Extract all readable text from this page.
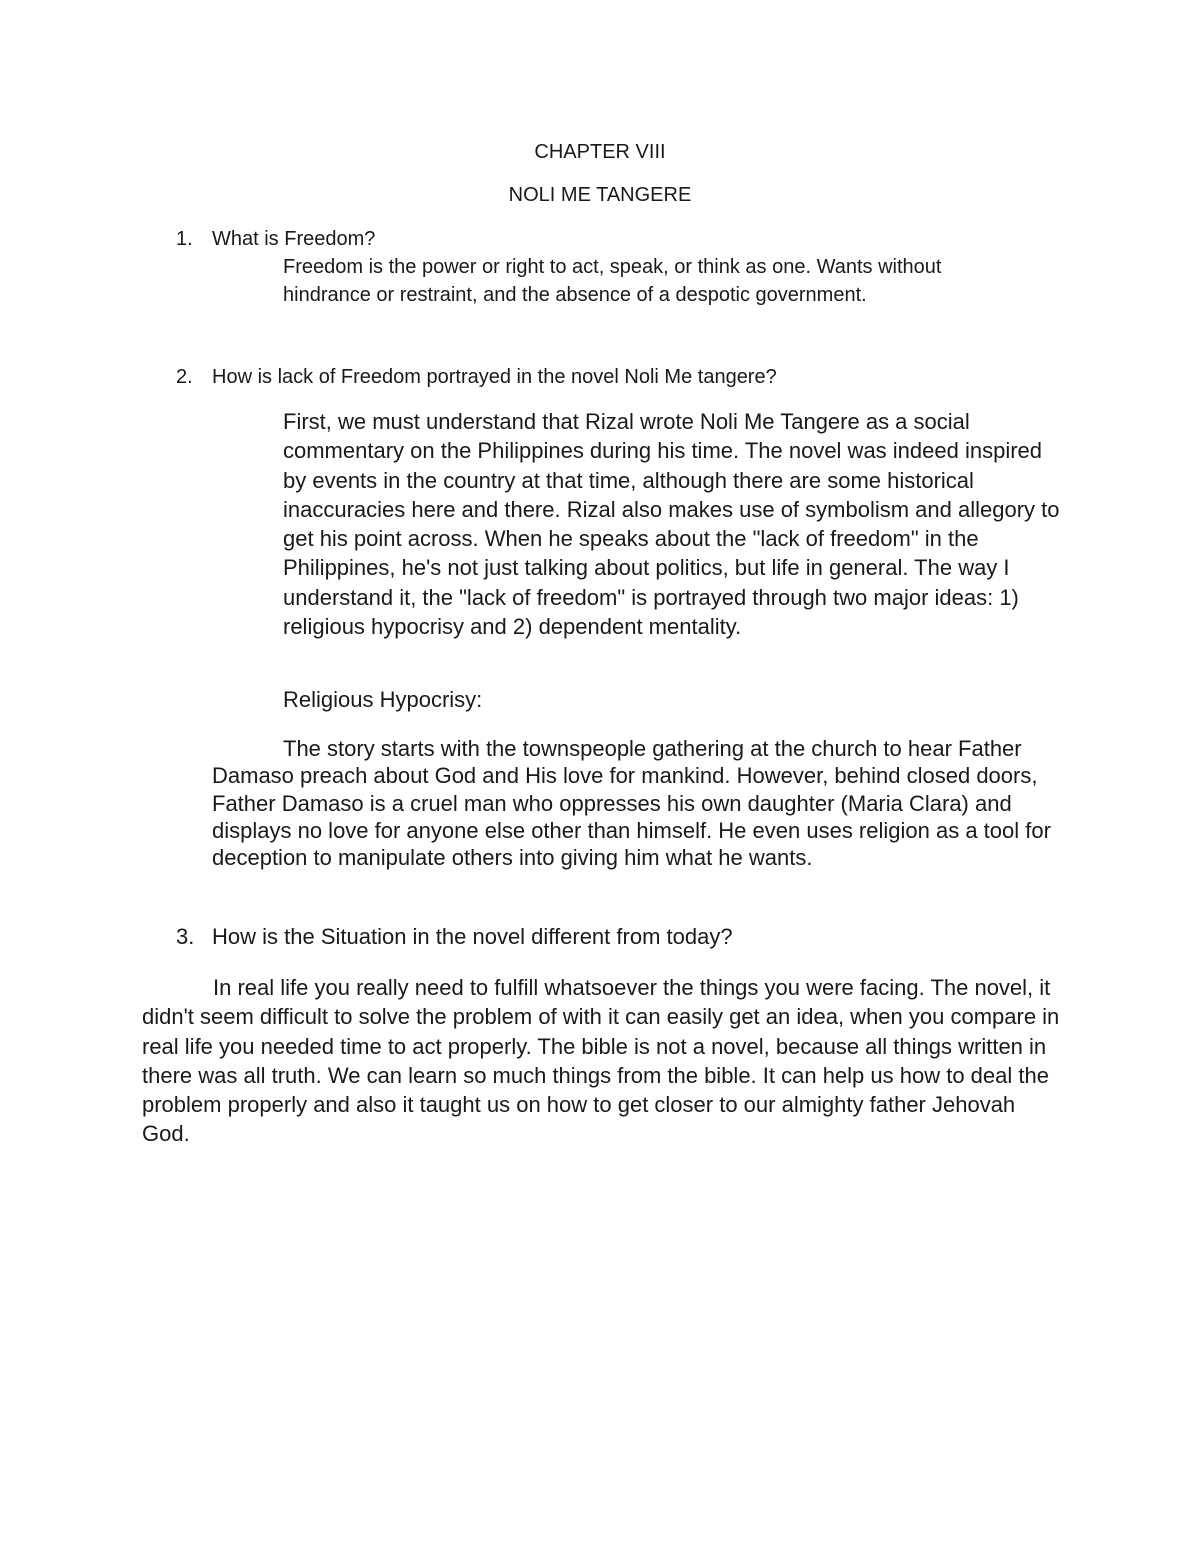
CHAPTER VIII
NOLI ME TANGERE
1. What is Freedom?

Freedom is the power or right to act, speak, or think as one. Wants without hindrance or restraint, and the absence of a despotic government.

2. How is lack of Freedom portrayed in the novel Noli Me tangere?

First, we must understand that Rizal wrote Noli Me Tangere as a social commentary on the Philippines during his time. The novel was indeed inspired by events in the country at that time, although there are some historical inaccuracies here and there. Rizal also makes use of symbolism and allegory to get his point across. When he speaks about the "lack of freedom" in the Philippines, he's not just talking about politics, but life in general. The way I understand it, the "lack of freedom" is portrayed through two major ideas: 1) religious hypocrisy and 2) dependent mentality.

Religious Hypocrisy:

The story starts with the townspeople gathering at the church to hear Father Damaso preach about God and His love for mankind. However, behind closed doors, Father Damaso is a cruel man who oppresses his own daughter (Maria Clara) and displays no love for anyone else other than himself. He even uses religion as a tool for deception to manipulate others into giving him what he wants.

3. How is the Situation in the novel different from today?

In real life you really need to fulfill whatsoever the things you were facing. The novel, it didn't seem difficult to solve the problem of with it can easily get an idea, when you compare in real life you needed time to act properly. The bible is not a novel, because all things written in there was all truth. We can learn so much things from the bible. It can help us how to deal the problem properly and also it taught us on how to get closer to our almighty father Jehovah God.
